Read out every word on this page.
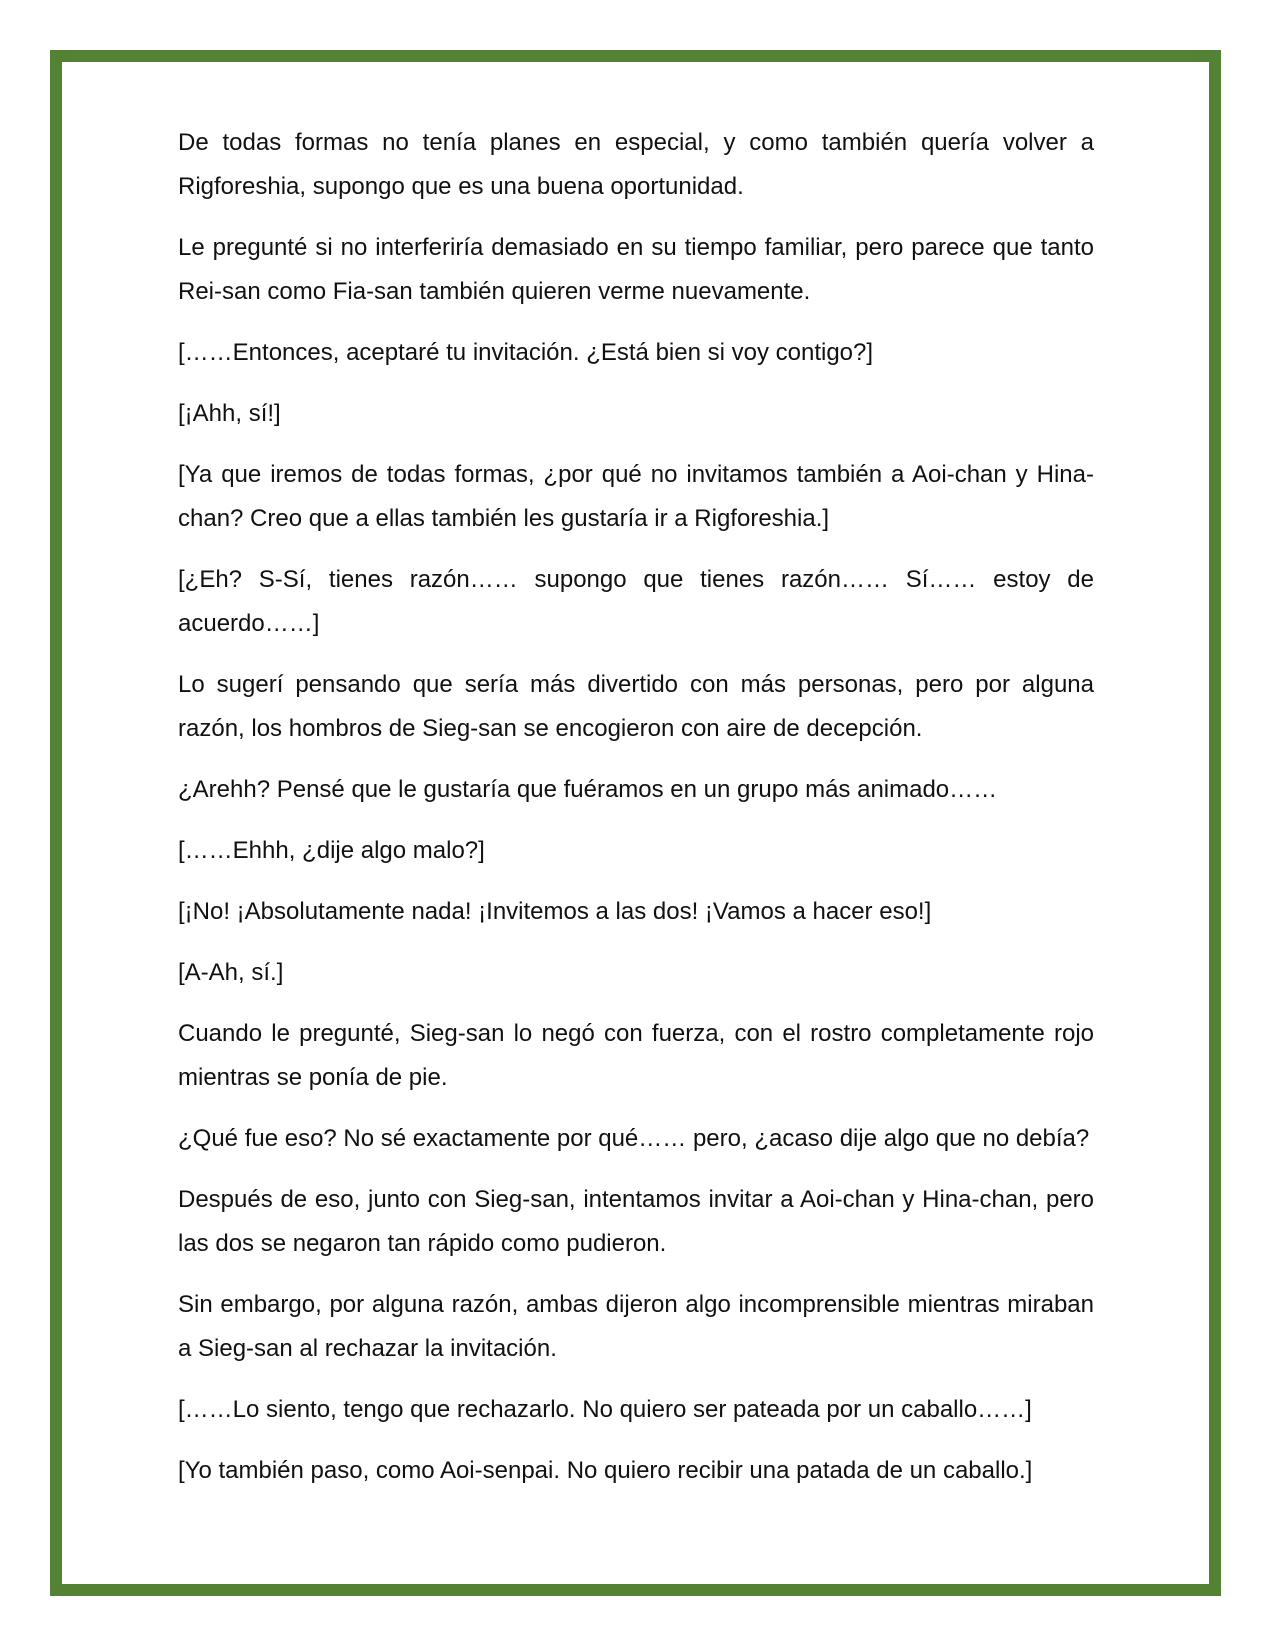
De todas formas no tenía planes en especial, y como también quería volver a Rigforeshia, supongo que es una buena oportunidad.

Le pregunté si no interferiría demasiado en su tiempo familiar, pero parece que tanto Rei-san como Fia-san también quieren verme nuevamente.

[……Entonces, aceptaré tu invitación. ¿Está bien si voy contigo?]

[¡Ahh, sí!]

[Ya que iremos de todas formas, ¿por qué no invitamos también a Aoi-chan y Hina-chan? Creo que a ellas también les gustaría ir a Rigforeshia.]

[¿Eh? S-Sí, tienes razón…… supongo que tienes razón…… Sí…… estoy de acuerdo……]

Lo sugerí pensando que sería más divertido con más personas, pero por alguna razón, los hombros de Sieg-san se encogieron con aire de decepción.

¿Arehh? Pensé que le gustaría que fuéramos en un grupo más animado……

[……Ehhh, ¿dije algo malo?]

[¡No! ¡Absolutamente nada! ¡Invitemos a las dos! ¡Vamos a hacer eso!]

[A-Ah, sí.]

Cuando le pregunté, Sieg-san lo negó con fuerza, con el rostro completamente rojo mientras se ponía de pie.

¿Qué fue eso? No sé exactamente por qué…… pero, ¿acaso dije algo que no debía?

Después de eso, junto con Sieg-san, intentamos invitar a Aoi-chan y Hina-chan, pero las dos se negaron tan rápido como pudieron.

Sin embargo, por alguna razón, ambas dijeron algo incomprensible mientras miraban a Sieg-san al rechazar la invitación.

[……Lo siento, tengo que rechazarlo. No quiero ser pateada por un caballo……]

[Yo también paso, como Aoi-senpai. No quiero recibir una patada de un caballo.]
